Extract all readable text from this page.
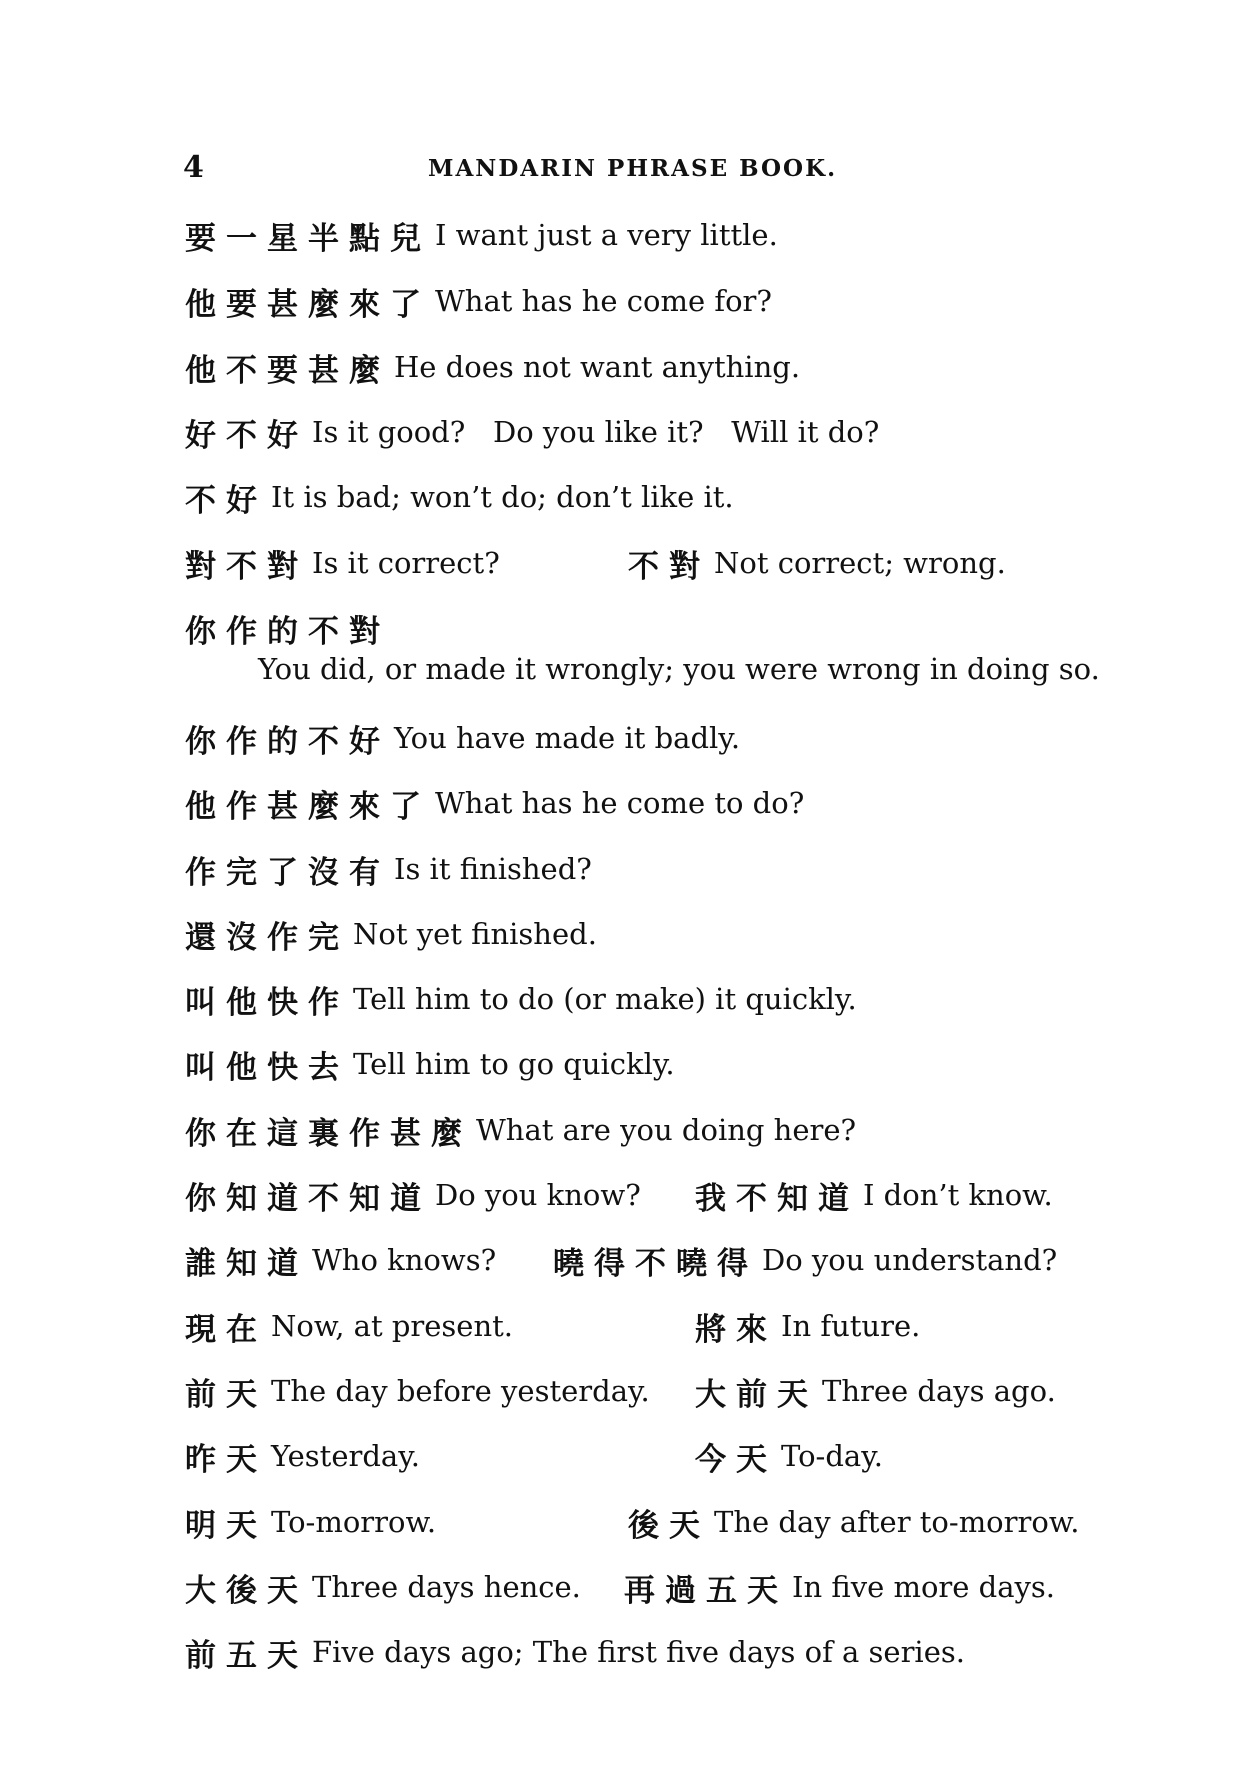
4	MANDARIN PHRASE BOOK.
要一星半點兒 I want just a very little.
他要甚麼來了 What has he come for?
他不要甚麼 He does not want anything.
好不好 Is it good?   Do you like it?   Will it do?
不好 It is bad; won’t do; don’t like it.
對不對 Is it correct?	不對 Not correct; wrong.
你作的不對
You did, or made it wrongly; you were wrong in doing so.
你作的不好 You have made it badly.
他作甚麼來了 What has he come to do?
作完了沒有 Is it finished?
還沒作完 Not yet finished.
叫他快作 Tell him to do (or make) it quickly.
叫他快去 Tell him to go quickly.
你在這裏作甚麼 What are you doing here?
你知道不知道 Do you know? 我不知道 I don’t know.
誰知道 Who knows? 曉得不曉得 Do you understand?
現在 Now, at present.	將來 In future.
前天 The day before yesterday. 大前天 Three days ago.
昨天 Yesterday.	今天 To-day.
明天 To-morrow.	後天 The day after to-morrow.
大後天 Three days hence. 再過五天 In five more days.
前五天 Five days ago; The first five days of a series.
